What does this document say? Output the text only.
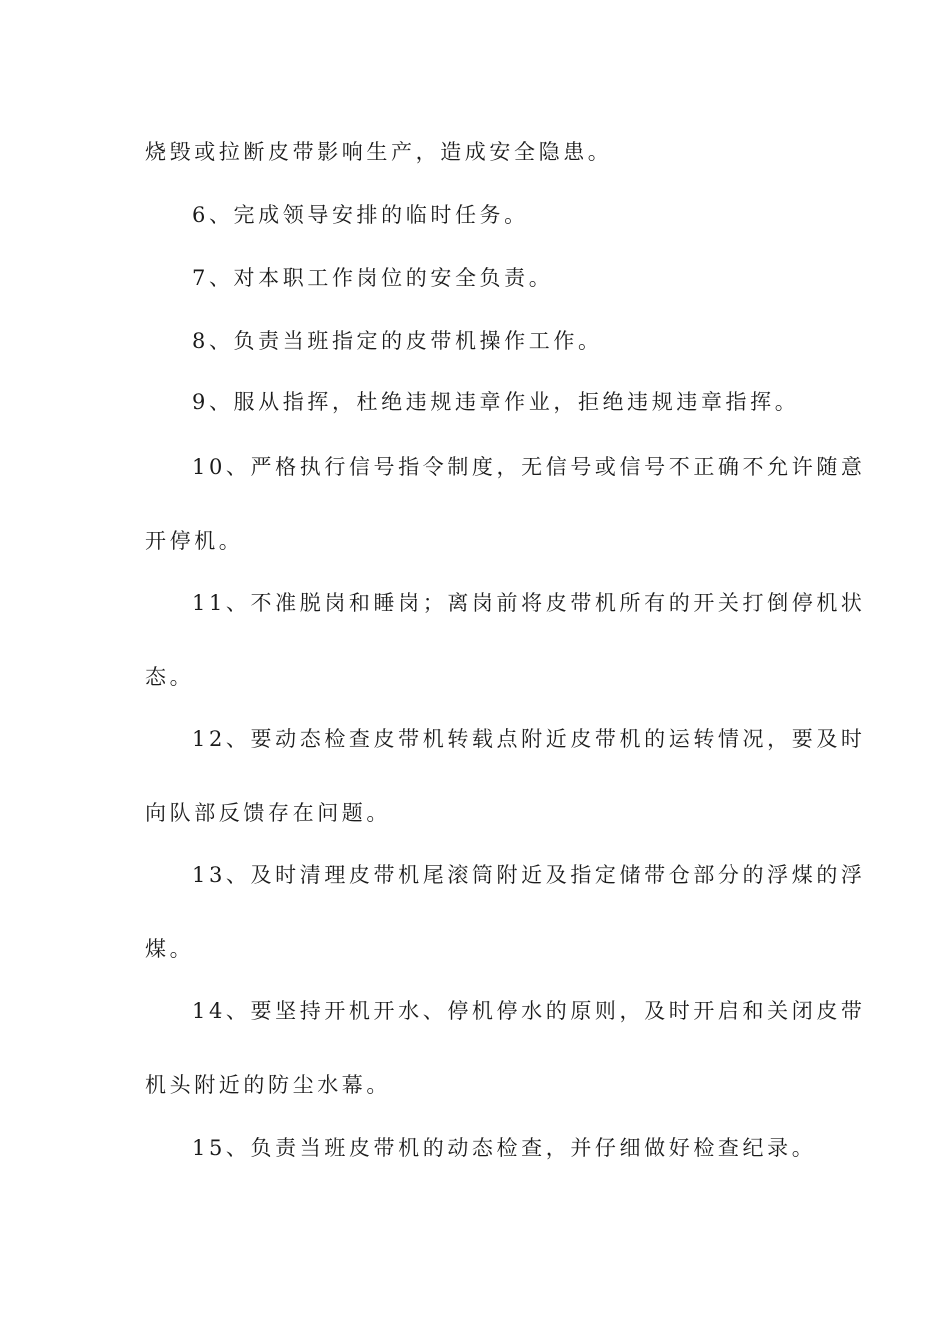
烧毁或拉断皮带影响生产，造成安全隐患。
6、完成领导安排的临时任务。
7、对本职工作岗位的安全负责。
8、负责当班指定的皮带机操作工作。
9、服从指挥，杜绝违规违章作业，拒绝违规违章指挥。
10、严格执行信号指令制度，无信号或信号不正确不允许随意
开停机。
11、不准脱岗和睡岗；离岗前将皮带机所有的开关打倒停机状
态。
12、要动态检查皮带机转载点附近皮带机的运转情况，要及时
向队部反馈存在问题。
13、及时清理皮带机尾滚筒附近及指定储带仓部分的浮煤的浮
煤。
14、要坚持开机开水、停机停水的原则，及时开启和关闭皮带
机头附近的防尘水幕。
15、负责当班皮带机的动态检查，并仔细做好检查纪录。
